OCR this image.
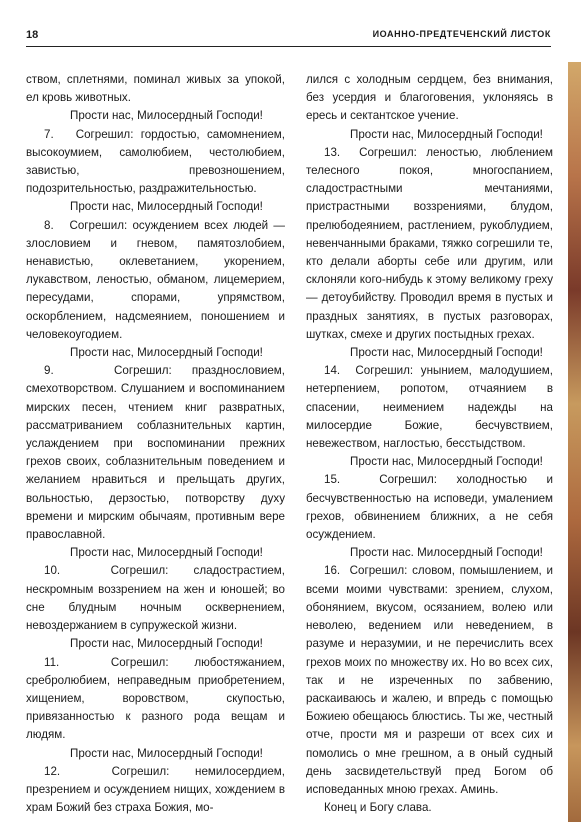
18	ИОАННО-ПРЕДТЕЧЕНСКИЙ ЛИСТОК

ством, сплетнями, поминал живых за упокой, ел кровь животных.

Прости нас, Милосердный Господи!

7.   Согрешил: гордостью, самомнением, высокоумием, самолюбием, честолюбием, завистью, превозношением, подозрительностью, раздражительностью.

Прости нас, Милосердный Господи!

8.   Согрешил: осуждением всех людей — злословием и гневом, памятозлобием, ненавистью, оклеветанием, укорением, лукавством, леностью, обманом, лицемерием, пересудами, спорами, упрямством, оскорблением, надсмеянием, поношением и человекоугодием.

Прости нас, Милосердный Господи!

9.   Согрешил: празднословием, смехотворством. Слушанием и воспоминанием мирских песен, чтением книг развратных, рассматриванием соблазнительных картин, услаждением при воспоминании прежних грехов своих, соблазнительным поведением и желанием нравиться и прельщать других, вольностью, дерзостью, потворству духу времени и мирским обычаям, противным вере православной.

Прости нас, Милосердный Господи!

10.  Согрешил: сладострастием, нескромным воззрением на жен и юношей; во сне блудным ночным осквернением, невоздержанием в супружеской жизни.

Прости нас, Милосердный Господи!

11.  Согрешил: любостяжанием, сребролюбием, неправедным приобретением, хищением, воровством, скупостью, привязанностью к разного рода вещам и людям.

Прости нас, Милосердный Господи!

12.  Согрешил: немилосердием, презрением и осуждением нищих, хождением в храм Божий без страха Божия, мо-

лился с холодным сердцем, без внимания, без усердия и благоговения, уклоняясь в ересь и сектантское учение.

Прости нас, Милосердный Господи!

13.  Согрешил: леностью, люблением телесного покоя, многоспанием, сладострастными мечтаниями, пристрастными воззрениями, блудом, прелюбодеянием, растлением, рукоблудием, невенчанными браками, тяжко согрешили те, кто делали аборты себе или другим, или склоняли кого-нибудь к этому великому греху — детоубийству. Проводил время в пустых и праздных занятиях, в пустых разговорах, шутках, смехе и других постыдных грехах.

Прости нас, Милосердный Господи!

14.  Согрешил: унынием, малодушием, нетерпением, ропотом, отчаянием в спасении, неимением надежды на милосердие Божие, бесчувствием, невежеством, наглостью, бесстыдством.

Прости нас, Милосердный Господи!

15.  Согрешил: холодностью и бесчувственностью на исповеди, умалением грехов, обвинением ближних, а не себя осуждением.

Прости нас. Милосердный Господи!

16.  Согрешил: словом, помышлением, и всеми моими чувствами: зрением, слухом, обонянием, вкусом, осязанием, волею или неволею, ведением или неведением, в разуме и неразумии, и не перечислить всех грехов моих по множеству их. Но во всех сих, так и не изреченных по забвению, раскаиваюсь и жалею, и впредь с помощью Божиею обещаюсь блюстись. Ты же, честный отче, прости мя и разреши от всех сих и помолись о мне грешном, а в оный судный день засвидетельствуй пред Богом об исповеданных мною грехах. Аминь.

Конец и Богу слава.
